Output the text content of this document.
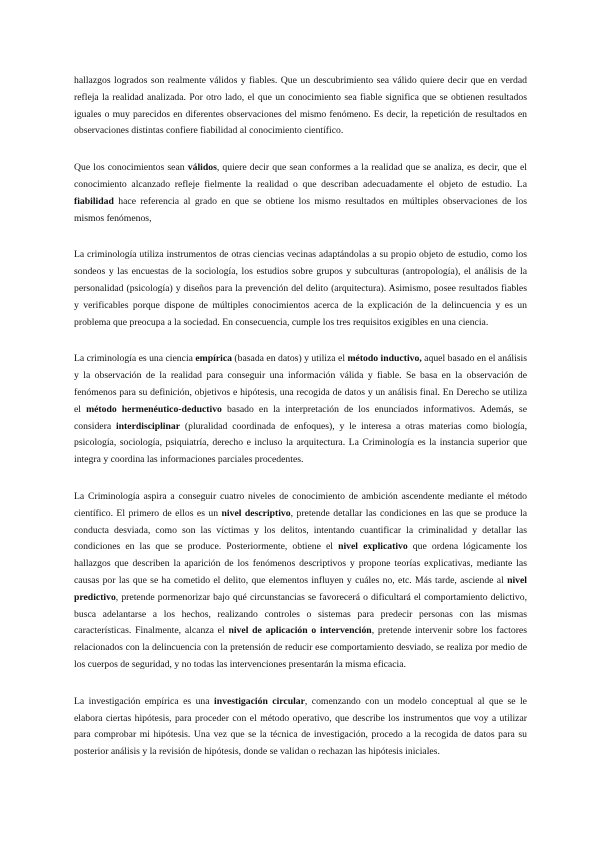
hallazgos logrados son realmente válidos y fiables. Que un descubrimiento sea válido quiere decir que en verdad refleja la realidad analizada. Por otro lado, el que un conocimiento sea fiable significa que se obtienen resultados iguales o muy parecidos en diferentes observaciones del mismo fenómeno. Es decir, la repetición de resultados en observaciones distintas confiere fiabilidad al conocimiento científico.

Que los conocimientos sean válidos, quiere decir que sean conformes a la realidad que se analiza, es decir, que el conocimiento alcanzado refleje fielmente la realidad o que describan adecuadamente el objeto de estudio. La fiabilidad hace referencia al grado en que se obtiene los mismo resultados en múltiples observaciones de los mismos fenómenos,

La criminología utiliza instrumentos de otras ciencias vecinas adaptándolas a su propio objeto de estudio, como los sondeos y las encuestas de la sociología, los estudios sobre grupos y subculturas (antropología), el análisis de la personalidad (psicología) y diseños para la prevención del delito (arquitectura). Asimismo, posee resultados fiables y verificables porque dispone de múltiples conocimientos acerca de la explicación de la delincuencia y es un problema que preocupa a la sociedad. En consecuencia, cumple los tres requisitos exigibles en una ciencia.

La criminología es una ciencia empírica (basada en datos) y utiliza el método inductivo, aquel basado en el análisis y la observación de la realidad para conseguir una información válida y fiable. Se basa en la observación de fenómenos para su definición, objetivos e hipótesis, una recogida de datos y un análisis final. En Derecho se utiliza el método hermenéutico-deductivo basado en la interpretación de los enunciados informativos. Además, se considera interdisciplinar (pluralidad coordinada de enfoques), y le interesa a otras materias como biología, psicología, sociología, psiquiatría, derecho e incluso la arquitectura. La Criminología es la instancia superior que integra y coordina las informaciones parciales procedentes.

La Criminología aspira a conseguir cuatro niveles de conocimiento de ambición ascendente mediante el método científico. El primero de ellos es un nivel descriptivo, pretende detallar las condiciones en las que se produce la conducta desviada, como son las víctimas y los delitos, intentando cuantificar la criminalidad y detallar las condiciones en las que se produce. Posteriormente, obtiene el nivel explicativo que ordena lógicamente los hallazgos que describen la aparición de los fenómenos descriptivos y propone teorías explicativas, mediante las causas por las que se ha cometido el delito, que elementos influyen y cuáles no, etc. Más tarde, asciende al nivel predictivo, pretende pormenorizar bajo qué circunstancias se favorecerá o dificultará el comportamiento delictivo, busca adelantarse a los hechos, realizando controles o sistemas para predecir personas con las mismas características. Finalmente, alcanza el nivel de aplicación o intervención, pretende intervenir sobre los factores relacionados con la delincuencia con la pretensión de reducir ese comportamiento desviado, se realiza por medio de los cuerpos de seguridad, y no todas las intervenciones presentarán la misma eficacia.

La investigación empírica es una investigación circular, comenzando con un modelo conceptual al que se le elabora ciertas hipótesis, para proceder con el método operativo, que describe los instrumentos que voy a utilizar para comprobar mi hipótesis. Una vez que se la técnica de investigación, procedo a la recogida de datos para su posterior análisis y la revisión de hipótesis, donde se validan o rechazan las hipótesis iniciales.
